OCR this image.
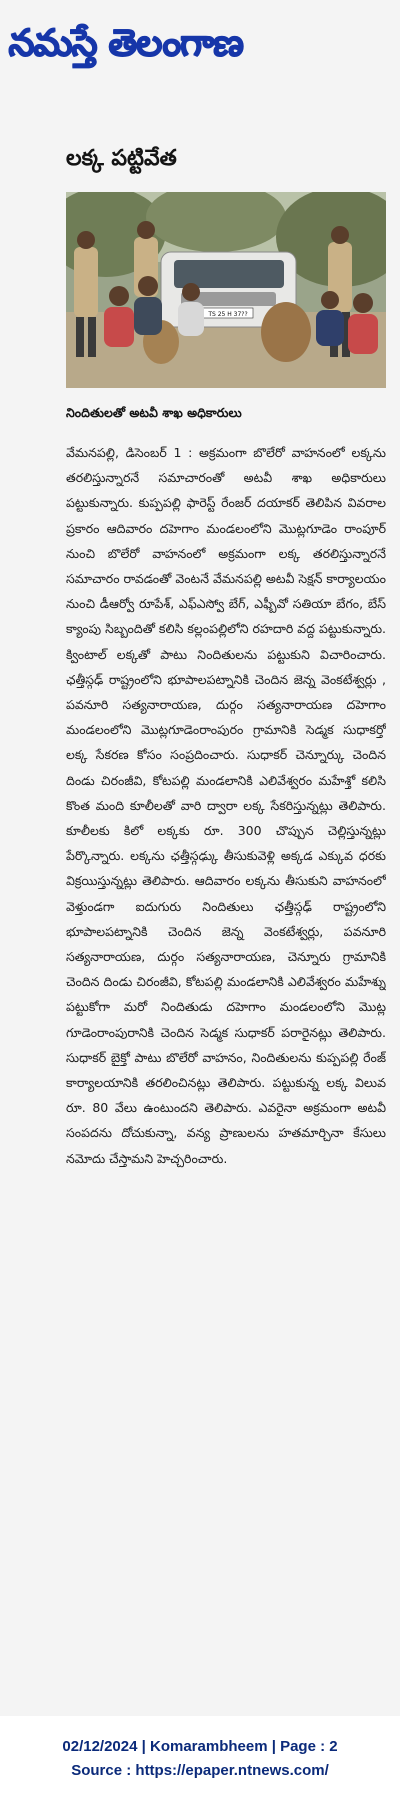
నమస్తే తెలంగాణ
లక్క పట్టివేత
TS 25 H 37??
నిందితులతో అటవీ శాఖ అధికారులు
వేమనపల్లి, డిసెంబర్ 1 : అక్రమంగా బొలేరో వాహనంలో లక్కను తరలిస్తున్నారనే సమాచారంతో అటవీ శాఖ అధికారులు పట్టుకున్నారు. కుప్పపల్లి ఫారెస్ట్ రేంజర్ దయాకర్ తెలిపిన వివరాల ప్రకారం ఆదివారం దహెగాం మండలంలోని మొట్లగూడెం రాంపూర్ నుంచి బొలేరో వాహనంలో అక్రమంగా లక్క తరలిస్తున్నారనే సమాచారం రావడంతో వెంటనే వేమనపల్లి అటవీ సెక్షన్ కార్యాలయం నుంచి డీఆర్వో రూపేశ్, ఎఫ్ఎస్వో బేగ్, ఎఫ్బీవో సతియా బేగం, బేస్ క్యాంపు సిబ్బందితో కలిసి కల్లంపల్లిలోని రహదారి వద్ద పట్టుకున్నారు. క్వింటాల్ లక్కతో పాటు నిందితులను పట్టుకుని విచారించారు. ఛత్తీస్గఢ్ రాష్ట్రంలోని భూపాలపట్నానికి చెందిన జెన్న వెంకటేశ్వర్లు , పవనూరి సత్యనారాయణ, దుర్గం సత్యనారాయణ దహెగాం మండలంలోని మొట్లగూడెంరాంపురం గ్రామానికి సెడ్మక సుధాకర్తో లక్క సేకరణ కోసం సంప్రదించారు. సుధాకర్ చెన్నూర్కు చెందిన దిండు చిరంజీవి, కోటపల్లి మండలానికి ఎలివేశ్వరం మహేశ్తో కలిసి కొంత మంది కూలీలతో వారి ద్వారా లక్క సేకరిస్తున్నట్లు తెలిపారు. కూలీలకు కిలో లక్కకు రూ. 300 చొప్పున చెల్లిస్తున్నట్లు పేర్కొన్నారు. లక్కను ఛత్తీస్గఢ్కు తీసుకువెళ్లి అక్కడ ఎక్కువ ధరకు విక్రయిస్తున్నట్లు తెలిపారు. ఆదివారం లక్కను తీసుకుని వాహనంలో వెళ్తుండగా ఐదుగురు నిందితులు ఛత్తీస్గఢ్ రాష్ట్రంలోని భూపాలపట్నానికి చెందిన జెన్న వెంకటేశ్వర్లు, పవనూరి సత్యనారాయణ, దుర్గం సత్యనారాయణ, చెన్నూరు గ్రామానికి చెందిన దిండు చిరంజీవి, కోటపల్లి మండలానికి ఎలివేశ్వరం మహేశ్ను పట్టుకోగా మరో నిందితుడు దహెగాం మండలంలోని మొట్ల గూడెంరాంపురానికి చెందిన సెడ్మక సుధాకర్ పరారైనట్లు తెలిపారు. సుధాకర్ బైక్తో పాటు బొలేరో వాహనం, నిందితులను కుప్పపల్లి రేంజ్ కార్యాలయానికి తరలించినట్లు తెలిపారు. పట్టుకున్న లక్క విలువ రూ. 80 వేలు ఉంటుందని తెలిపారు. ఎవరైనా అక్రమంగా అటవీ సంపదను దోచుకున్నా, వన్య ప్రాణులను హతమార్చినా కేసులు నమోదు చేస్తామని హెచ్చరించారు.
02/12/2024 | Komarambheem | Page : 2
Source : https://epaper.ntnews.com/
